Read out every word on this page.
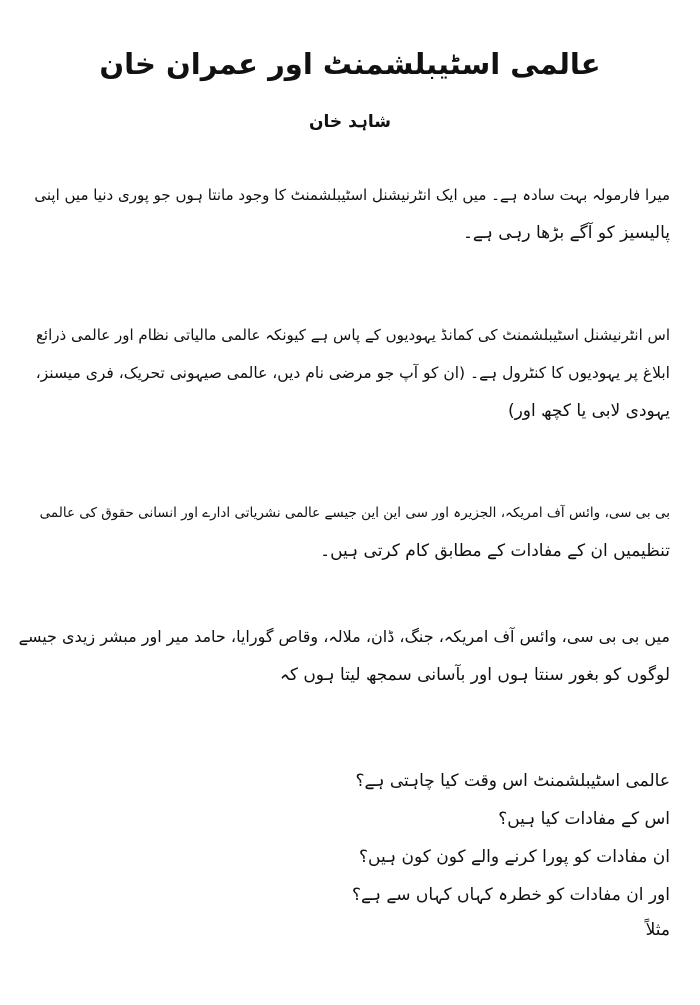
عالمی اسٹیبلشمنٹ اور عمران خان
شاہد خان

میرا فارمولہ بہت سادہ ہے۔ میں ایک انٹرنیشنل اسٹیبلشمنٹ کا وجود مانتا ہوں جو پوری دنیا میں اپنی
پالیسیز کو آگے بڑھا رہی ہے۔

اس انٹرنیشنل اسٹیبلشمنٹ کی کمانڈ یہودیوں کے پاس ہے کیونکہ عالمی مالیاتی نظام اور عالمی ذرائع
ابلاغ پر یہودیوں کا کنٹرول ہے۔ (ان کو آپ جو مرضی نام دیں، عالمی صیہونی تحریک، فری میسنز،
یہودی لابی یا کچھ اور)

بی بی سی، وائس آف امریکہ، الجزیرہ اور سی این این جیسے عالمی نشریاتی ادارے اور انسانی حقوق کی عالمی
تنظیمیں ان کے مفادات کے مطابق کام کرتی ہیں۔

میں بی بی سی، وائس آف امریکہ، جنگ، ڈان، ملالہ، وقاص گورایا، حامد میر اور مبشر زیدی جیسے
لوگوں کو بغور سنتا ہوں اور بآسانی سمجھ لیتا ہوں کہ

عالمی اسٹیبلشمنٹ اس وقت کیا چاہتی ہے؟
اس کے مفادات کیا ہیں؟
ان مفادات کو پورا کرنے والے کون کون ہیں؟
اور ان مفادات کو خطرہ کہاں کہاں سے ہے؟
مثلاً
